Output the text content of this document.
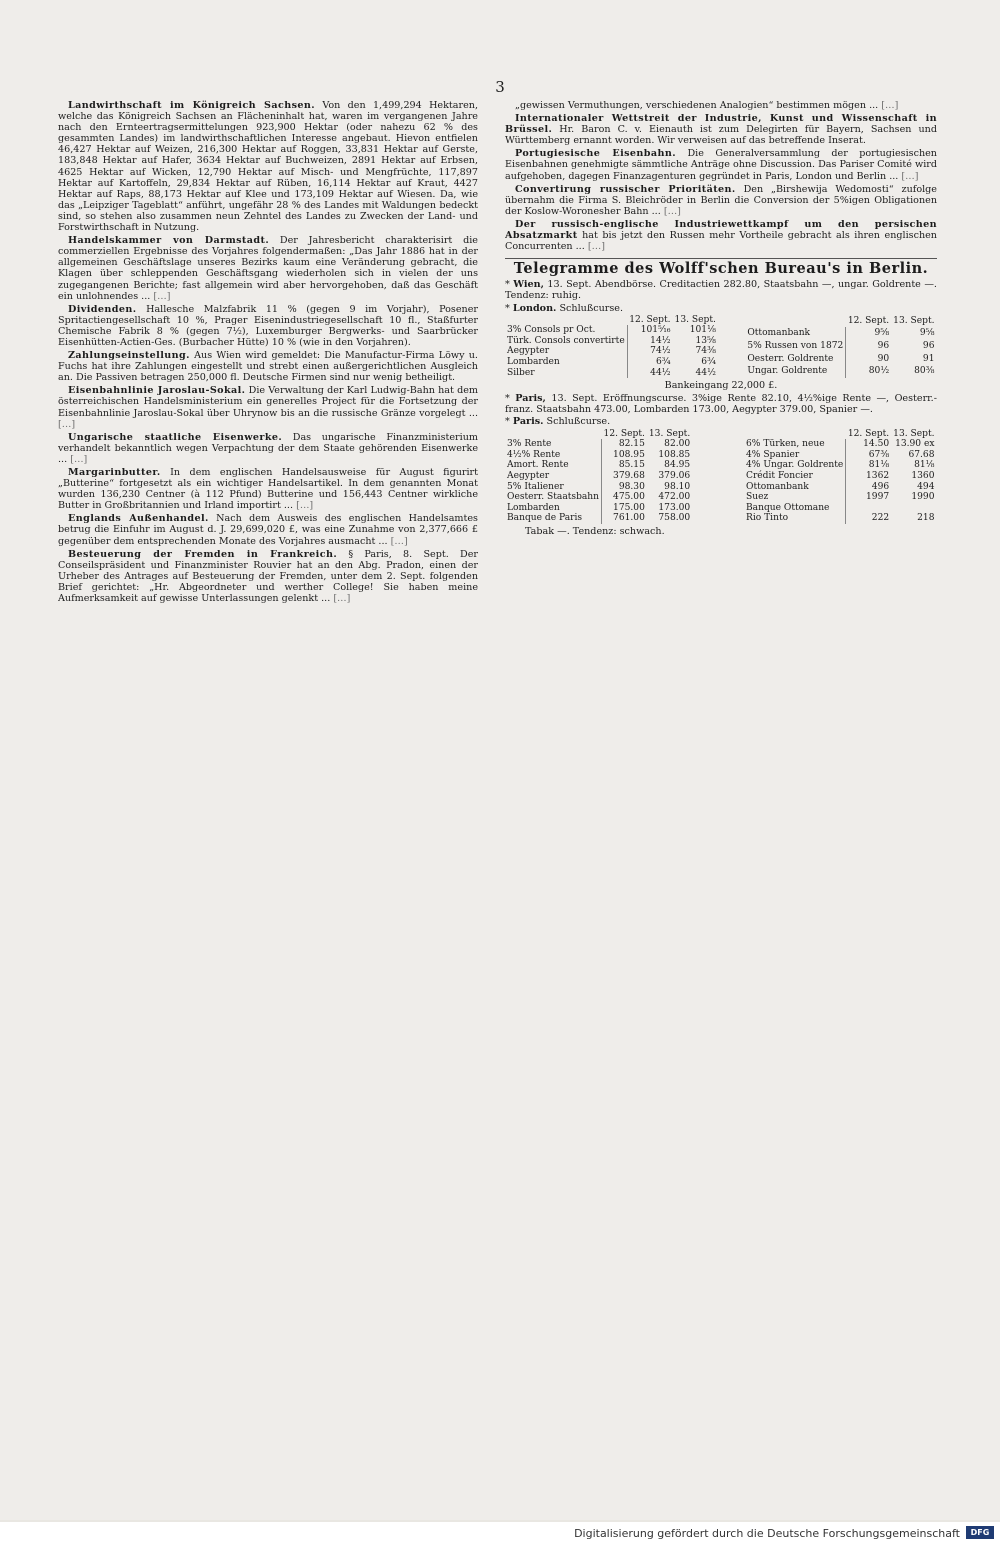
3

Landwirthschaft im Königreich Sachsen. Von den 1,499,294 Hektaren, welche das Königreich Sachsen an Flächeninhalt hat, waren im vergangenen Jahre nach den Ernteertragsermittelungen 923,900 Hektar (oder nahezu 62 % des gesammten Landes) im landwirthschaftlichen Interesse angebaut. Hievon entfielen 46,427 Hektar auf Weizen, 216,300 Hektar auf Roggen, 33,831 Hektar auf Gerste, 183,848 Hektar auf Hafer, 3634 Hektar auf Buchweizen, 2891 Hektar auf Erbsen, 4625 Hektar auf Wicken, 12,790 Hektar auf Misch- und Mengfrüchte, 117,897 Hektar auf Kartoffeln, 29,834 Hektar auf Rüben, 16,114 Hektar auf Kraut, 4427 Hektar auf Raps, 88,173 Hektar auf Klee und 173,109 Hektar auf Wiesen. Da, wie das „Leipziger Tageblatt“ anführt, ungefähr 28 % des Landes mit Waldungen bedeckt sind, so stehen also zusammen neun Zehntel des Landes zu Zwecken der Land- und Forstwirthschaft in Nutzung.

Handelskammer von Darmstadt. Der Jahresbericht charakterisirt die commerziellen Ergebnisse des Vorjahres folgendermaßen: „Das Jahr 1886 hat in der allgemeinen Geschäftslage unseres Bezirks kaum eine Veränderung gebracht, die Klagen über schleppenden Geschäftsgang wiederholen sich in vielen der uns zugegangenen Berichte; fast allgemein wird aber hervorgehoben, daß das Geschäft ein unlohnendes ... […]

Dividenden. Hallesche Malzfabrik 11 % (gegen 9 im Vorjahr), Posener Spritactiengesellschaft 10 %, Prager Eisenindustriegesellschaft 10 fl., Staßfurter Chemische Fabrik 8 % (gegen 7½), Luxemburger Bergwerks- und Saarbrücker Eisenhütten-Actien-Ges. (Burbacher Hütte) 10 % (wie in den Vorjahren).

Zahlungseinstellung. Aus Wien wird gemeldet: Die Manufactur-Firma Löwy u. Fuchs hat ihre Zahlungen eingestellt und strebt einen außergerichtlichen Ausgleich an. Die Passiven betragen 250,000 fl. Deutsche Firmen sind nur wenig betheiligt.

Eisenbahnlinie Jaroslau-Sokal. Die Verwaltung der Karl Ludwig-Bahn hat dem österreichischen Handelsministerium ein generelles Project für die Fortsetzung der Eisenbahnlinie Jaroslau-Sokal über Uhrynow bis an die russische Gränze vorgelegt ... […]

Ungarische staatliche Eisenwerke. Das ungarische Finanzministerium verhandelt bekanntlich wegen Verpachtung der dem Staate gehörenden Eisenwerke ... […]

Margarinbutter. In dem englischen Handelsausweise für August figurirt „Butterine“ fortgesetzt als ein wichtiger Handelsartikel. In dem genannten Monat wurden 136,230 Centner (à 112 Pfund) Butterine und 156,443 Centner wirkliche Butter in Großbritannien und Irland importirt ... […]

Englands Außenhandel. Nach dem Ausweis des englischen Handelsamtes betrug die Einfuhr im August d. J. 29,699,020 £, was eine Zunahme von 2,377,666 £ gegenüber dem entsprechenden Monate des Vorjahres ausmacht ... […]

Besteuerung der Fremden in Frankreich. § Paris, 8. Sept. Der Conseilspräsident und Finanzminister Rouvier hat an den Abg. Pradon, einen der Urheber des Antrages auf Besteuerung der Fremden, unter dem 2. Sept. folgenden Brief gerichtet: „Hr. Abgeordneter und werther College! Sie haben meine Aufmerksamkeit auf gewisse Unterlassungen gelenkt ... […]

„gewissen Vermuthungen, verschiedenen Analogien“ bestimmen mögen ... […]

Internationaler Wettstreit der Industrie, Kunst und Wissenschaft in Brüssel. Hr. Baron C. v. Eienauth ist zum Delegirten für Bayern, Sachsen und Württemberg ernannt worden. Wir verweisen auf das betreffende Inserat.

Portugiesische Eisenbahn. Die Generalversammlung der portugiesischen Eisenbahnen genehmigte sämmtliche Anträge ohne Discussion. Das Pariser Comité wird aufgehoben, dagegen Finanzagenturen gegründet in Paris, London und Berlin ... […]

Convertirung russischer Prioritäten. Den „Birshewija Wedomosti“ zufolge übernahm die Firma S. Bleichröder in Berlin die Conversion der 5%igen Obligationen der Koslow-Woronesher Bahn ... […]

Der russisch-englische Industriewettkampf um den persischen Absatzmarkt hat bis jetzt den Russen mehr Vortheile gebracht als ihren englischen Concurrenten ... […]

Telegramme des Wolff'schen Bureau's in Berlin.
* Wien, 13. Sept. Abendbörse. Creditactien 282.80, Staatsbahn —, ungar. Goldrente —. Tendenz: ruhig.
* London. Schlußcurse.
	12. Sept.	13. Sept.
3% Consols pr Oct.	101⁵⁄₁₆	101⅛
Türk. Consols convertirte	14½	13⁵⁄₈
Aegypter	74½	74⅜
Lombarden	6¾	6¾
Silber	44½	44½
	12. Sept.	13. Sept.
Ottomanbank	9⁵⁄₈	9⁵⁄₈
5% Russen von 1872	96	96
Oesterr. Goldrente	90	91
Ungar. Goldrente	80½	80⅜
Bankeingang 22,000 £.
* Paris, 13. Sept. Eröffnungscurse. 3%ige Rente 82.10, 4½%ige Rente —, Oesterr.-franz. Staatsbahn 473.00, Lombarden 173.00, Aegypter 379.00, Spanier —.
* Paris. Schlußcurse.
	12. Sept.	13. Sept.
3% Rente	82.15	82.00
4½% Rente	108.95	108.85
Amort. Rente	85.15	84.95
Aegypter	379.68	379.06
5% Italiener	98.30	98.10
Oesterr. Staatsbahn	475.00	472.00
Lombarden	175.00	173.00
Banque de Paris	761.00	758.00
	12. Sept.	13. Sept.
6% Türken, neue	14.50	13.90 ex
4% Spanier	67⅜	67.68
4% Ungar. Goldrente	81⅛	81⅛
Crédit Foncier	1362	1360
Ottomanbank	496	494
Suez	1997	1990
Banque Ottomane		
Rio Tinto	222	218
Tabak —. Tendenz: schwach.
Digitalisierung gefördert durch die Deutsche Forschungsgemeinschaft	DFG
